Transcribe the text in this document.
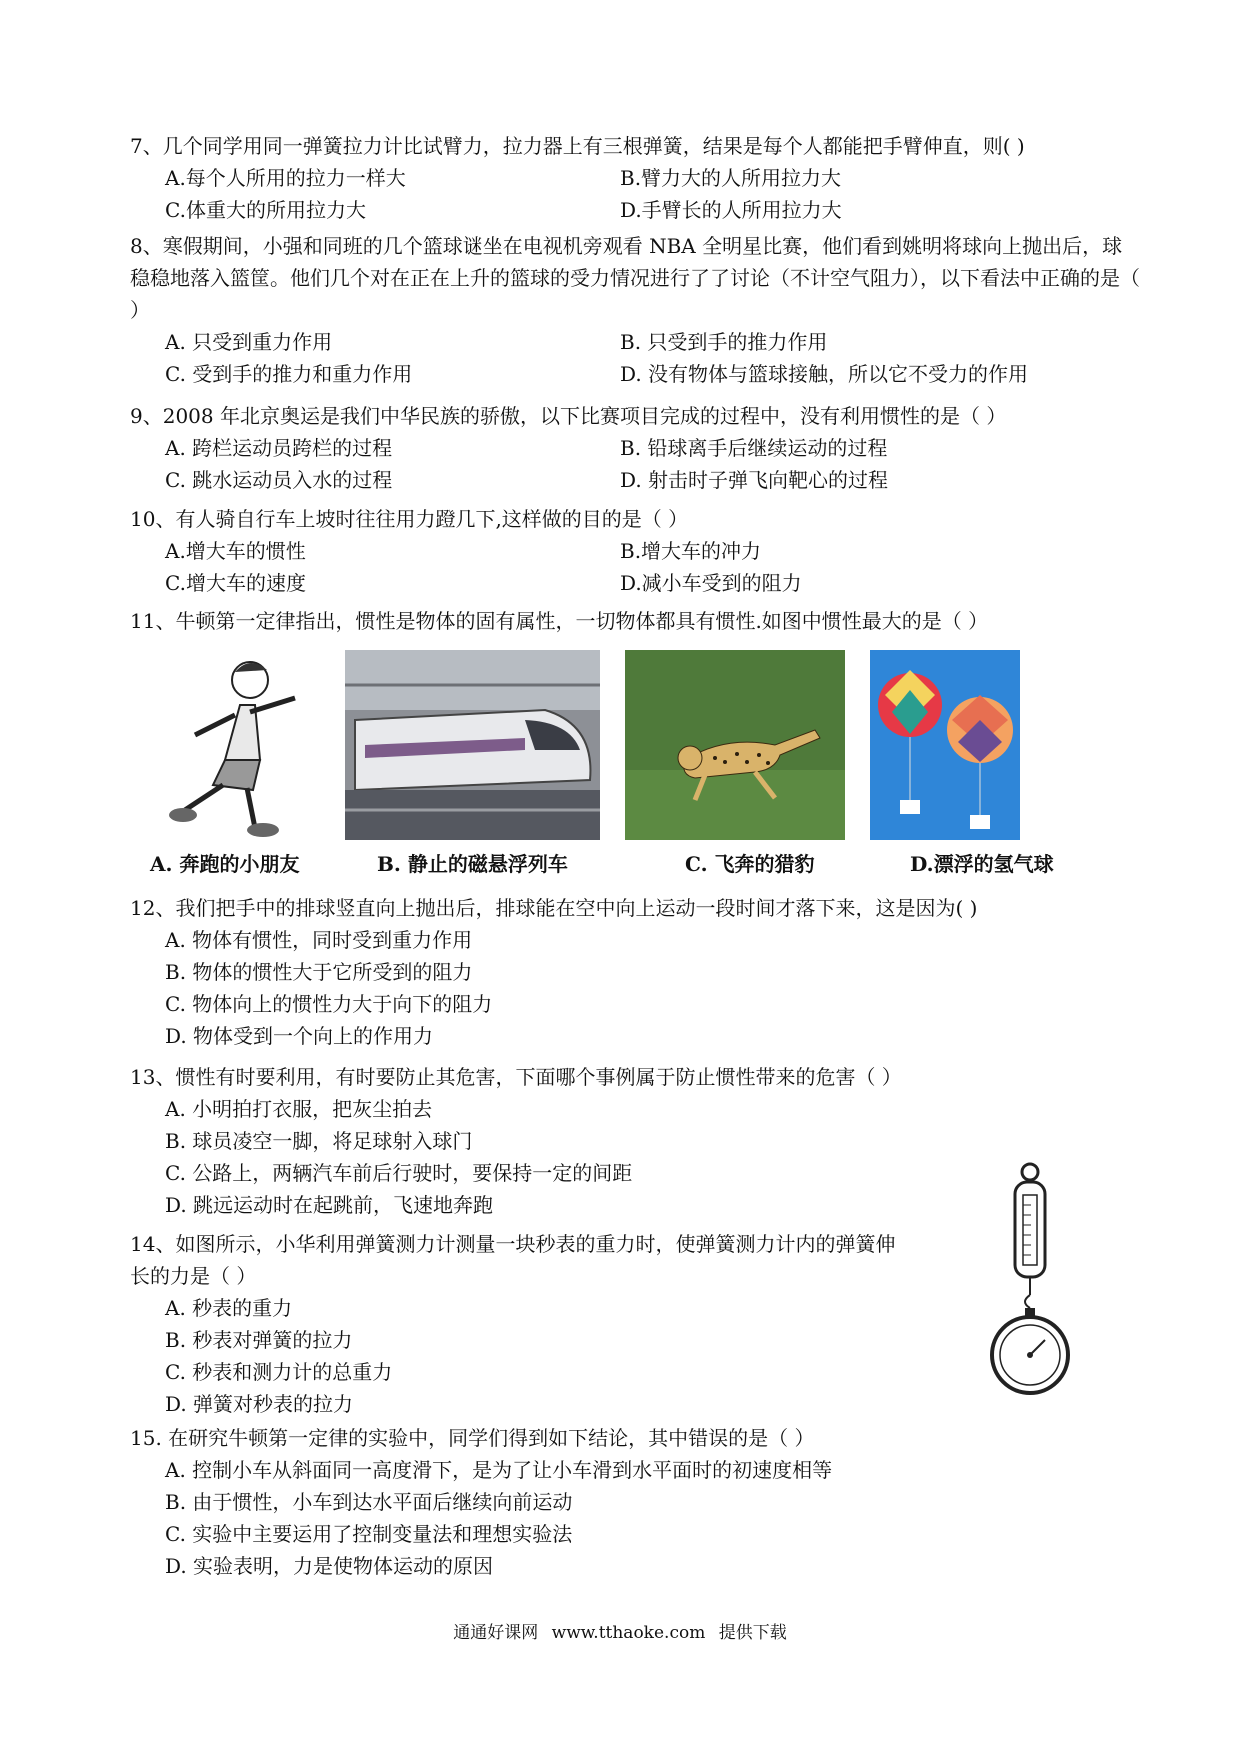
7、几个同学用同一弹簧拉力计比试臂力，拉力器上有三根弹簧，结果是每个人都能把手臂伸直，则( )

A.每个人所用的拉力一样大	B.臂力大的人所用拉力大
C.体重大的所用拉力大	D.手臂长的人所用拉力大

8、寒假期间，小强和同班的几个篮球谜坐在电视机旁观看 NBA 全明星比赛，他们看到姚明将球向上抛出后，球稳稳地落入篮筐。他们几个对在正在上升的篮球的受力情况进行了了讨论（不计空气阻力），以下看法中正确的是（ ）

A. 只受到重力作用	B. 只受到手的推力作用
C. 受到手的推力和重力作用	D. 没有物体与篮球接触，所以它不受力的作用

9、2008 年北京奥运是我们中华民族的骄傲，以下比赛项目完成的过程中，没有利用惯性的是（ ）

A. 跨栏运动员跨栏的过程	B. 铅球离手后继续运动的过程
C. 跳水运动员入水的过程	D. 射击时子弹飞向靶心的过程

10、有人骑自行车上坡时往往用力蹬几下,这样做的目的是（ ）

A.增大车的惯性	B.增大车的冲力
C.增大车的速度	D.减小车受到的阻力

11、牛顿第一定律指出，惯性是物体的固有属性，一切物体都具有惯性.如图中惯性最大的是（ ）

A. 奔跑的小朋友	B. 静止的磁悬浮列车	C. 飞奔的猎豹	D.漂浮的氢气球

12、我们把手中的排球竖直向上抛出后，排球能在空中向上运动一段时间才落下来，这是因为( )

A. 物体有惯性，同时受到重力作用
B. 物体的惯性大于它所受到的阻力
C. 物体向上的惯性力大于向下的阻力
D. 物体受到一个向上的作用力

13、惯性有时要利用，有时要防止其危害，下面哪个事例属于防止惯性带来的危害（ ）

A. 小明拍打衣服，把灰尘拍去
B. 球员凌空一脚，将足球射入球门
C. 公路上，两辆汽车前后行驶时，要保持一定的间距
D. 跳远运动时在起跳前，飞速地奔跑

14、如图所示，小华利用弹簧测力计测量一块秒表的重力时，使弹簧测力计内的弹簧伸长的力是（ ）

A. 秒表的重力
B. 秒表对弹簧的拉力
C. 秒表和测力计的总重力
D. 弹簧对秒表的拉力

15. 在研究牛顿第一定律的实验中，同学们得到如下结论，其中错误的是（ ）

A. 控制小车从斜面同一高度滑下，是为了让小车滑到水平面时的初速度相等
B. 由于惯性，小车到达水平面后继续向前运动
C. 实验中主要运用了控制变量法和理想实验法
D. 实验表明，力是使物体运动的原因
通通好课网 www.tthaoke.com 提供下载
